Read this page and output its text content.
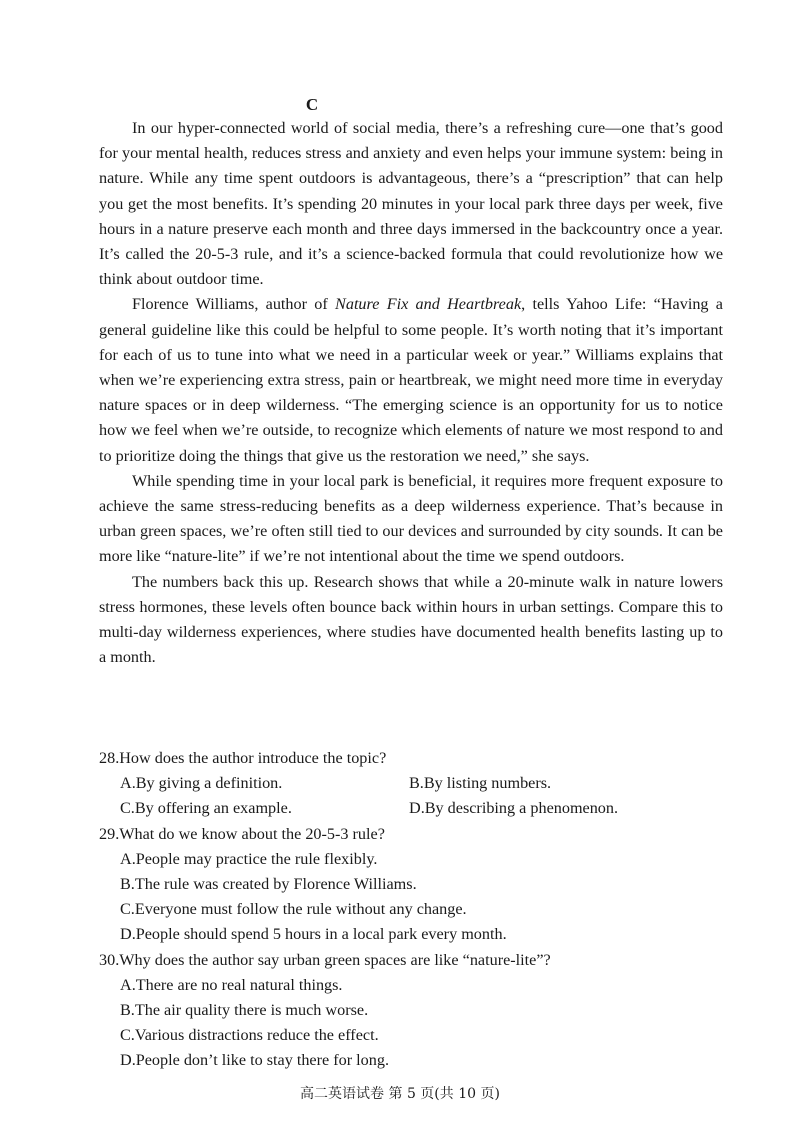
C

In our hyper-connected world of social media, there’s a refreshing cure—one that’s good for your mental health, reduces stress and anxiety and even helps your immune system: being in nature. While any time spent outdoors is advantageous, there’s a “prescription” that can help you get the most benefits. It’s spending 20 minutes in your local park three days per week, five hours in a nature preserve each month and three days immersed in the backcountry once a year. It’s called the 20-5-3 rule, and it’s a science-backed formula that could revolutionize how we think about outdoor time.

Florence Williams, author of Nature Fix and Heartbreak, tells Yahoo Life: “Having a general guideline like this could be helpful to some people. It’s worth noting that it’s important for each of us to tune into what we need in a particular week or year.” Williams explains that when we’re experiencing extra stress, pain or heartbreak, we might need more time in everyday nature spaces or in deep wilderness. “The emerging science is an opportunity for us to notice how we feel when we’re outside, to recognize which elements of nature we most respond to and to prioritize doing the things that give us the restoration we need,” she says.

While spending time in your local park is beneficial, it requires more frequent exposure to achieve the same stress-reducing benefits as a deep wilderness experience. That’s because in urban green spaces, we’re often still tied to our devices and surrounded by city sounds. It can be more like “nature-lite” if we’re not intentional about the time we spend outdoors.

The numbers back this up. Research shows that while a 20-minute walk in nature lowers stress hormones, these levels often bounce back within hours in urban settings. Compare this to multi-day wilderness experiences, where studies have documented health benefits lasting up to a month.

28.How does the author introduce the topic?

A.By giving a definition.	B.By listing numbers.

C.By offering an example.	D.By describing a phenomenon.

29.What do we know about the 20-5-3 rule?

A.People may practice the rule flexibly.

B.The rule was created by Florence Williams.

C.Everyone must follow the rule without any change.

D.People should spend 5 hours in a local park every month.

30.Why does the author say urban green spaces are like “nature-lite”?

A.There are no real natural things.

B.The air quality there is much worse.

C.Various distractions reduce the effect.

D.People don’t like to stay there for long.

高二英语试卷 第 5 页(共 10 页)
